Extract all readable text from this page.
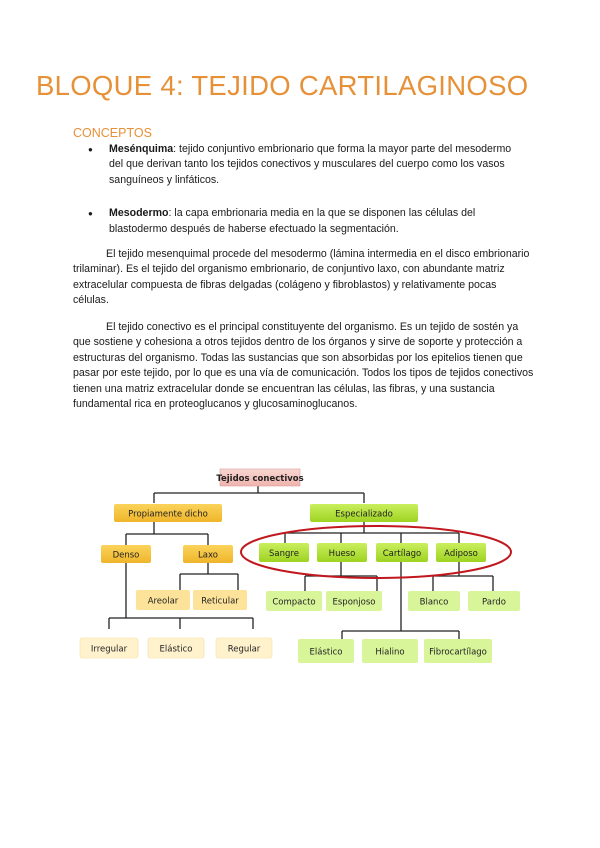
BLOQUE 4: TEJIDO CARTILAGINOSO
CONCEPTOS
● Mesénquima: tejido conjuntivo embrionario que forma la mayor parte del mesodermo del que derivan tanto los tejidos conectivos y musculares del cuerpo como los vasos sanguíneos y linfáticos.
● Mesodermo: la capa embrionaria media en la que se disponen las células del blastodermo después de haberse efectuado la segmentación.

El tejido mesenquimal procede del mesodermo (lámina intermedia en el disco embrionario trilaminar). Es el tejido del organismo embrionario, de conjuntivo laxo, con abundante matriz extracelular compuesta de fibras delgadas (colágeno y fibroblastos) y relativamente pocas células.

El tejido conectivo es el principal constituyente del organismo. Es un tejido de sostén ya que sostiene y cohesiona a otros tejidos dentro de los órganos y sirve de soporte y protección a estructuras del organismo. Todas las sustancias que son absorbidas por los epitelios tienen que pasar por este tejido, por lo que es una vía de comunicación. Todos los tipos de tejidos conectivos tienen una matriz extracelular donde se encuentran las células, las fibras, y una sustancia fundamental rica en proteoglucanos y glucosaminoglucanos.

Tejidos conectivos
Propiamente dicho	Especializado
Denso	Laxo
Areolar	Reticular
Irregular	Elástico	Regular
Sangre	Hueso	Cartílago	Adiposo
Compacto Esponjoso	Blanco	Pardo
Elástico	Hialino	Fibrocartílago
